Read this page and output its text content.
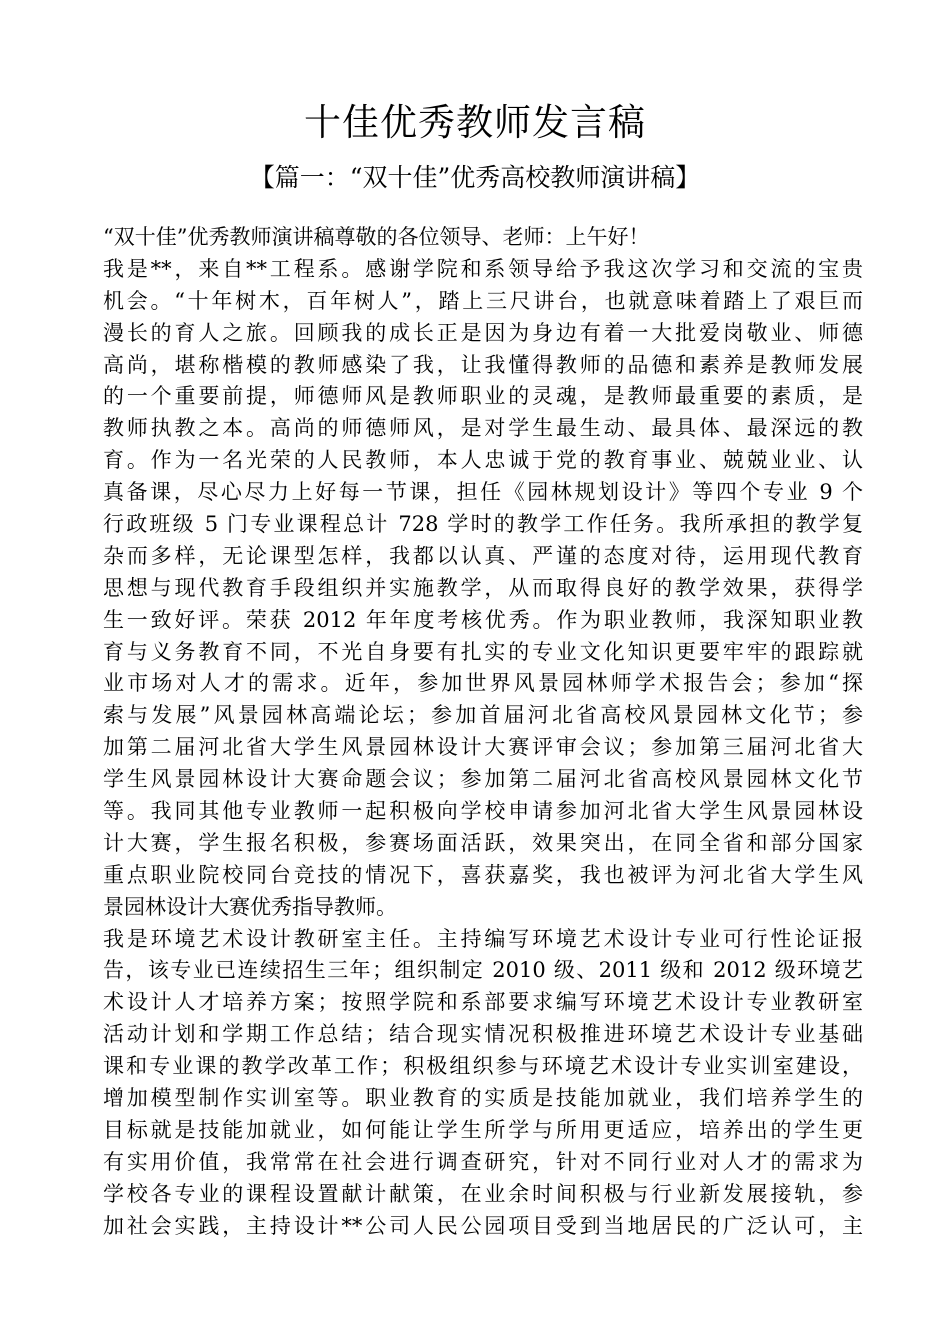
十佳优秀教师发言稿
【篇一：“双十佳”优秀高校教师演讲稿】
“双十佳”优秀教师演讲稿尊敬的各位领导、老师：上午好！
我是**，来自**工程系。感谢学院和系领导给予我这次学习和交流的宝贵
机会。“十年树木，百年树人”，踏上三尺讲台，也就意味着踏上了艰巨而
漫长的育人之旅。回顾我的成长正是因为身边有着一大批爱岗敬业、师德
高尚，堪称楷模的教师感染了我，让我懂得教师的品德和素养是教师发展
的一个重要前提，师德师风是教师职业的灵魂，是教师最重要的素质，是
教师执教之本。高尚的师德师风，是对学生最生动、最具体、最深远的教
育。作为一名光荣的人民教师，本人忠诚于党的教育事业、兢兢业业、认
真备课，尽心尽力上好每一节课，担任《园林规划设计》等四个专业 9 个
行政班级 5 门专业课程总计 728 学时的教学工作任务。我所承担的教学复
杂而多样，无论课型怎样，我都以认真、严谨的态度对待，运用现代教育
思想与现代教育手段组织并实施教学，从而取得良好的教学效果，获得学
生一致好评。荣获 2012 年年度考核优秀。作为职业教师，我深知职业教
育与义务教育不同，不光自身要有扎实的专业文化知识更要牢牢的跟踪就
业市场对人才的需求。近年，参加世界风景园林师学术报告会；参加“探
索与发展”风景园林高端论坛；参加首届河北省高校风景园林文化节；参
加第二届河北省大学生风景园林设计大赛评审会议；参加第三届河北省大
学生风景园林设计大赛命题会议；参加第二届河北省高校风景园林文化节
等。我同其他专业教师一起积极向学校申请参加河北省大学生风景园林设
计大赛，学生报名积极，参赛场面活跃，效果突出，在同全省和部分国家
重点职业院校同台竞技的情况下，喜获嘉奖，我也被评为河北省大学生风
景园林设计大赛优秀指导教师。
我是环境艺术设计教研室主任。主持编写环境艺术设计专业可行性论证报
告，该专业已连续招生三年；组织制定 2010 级、2011 级和 2012 级环境艺
术设计人才培养方案；按照学院和系部要求编写环境艺术设计专业教研室
活动计划和学期工作总结；结合现实情况积极推进环境艺术设计专业基础
课和专业课的教学改革工作；积极组织参与环境艺术设计专业实训室建设，
增加模型制作实训室等。职业教育的实质是技能加就业，我们培养学生的
目标就是技能加就业，如何能让学生所学与所用更适应，培养出的学生更
有实用价值，我常常在社会进行调查研究，针对不同行业对人才的需求为
学校各专业的课程设置献计献策，在业余时间积极与行业新发展接轨，参
加社会实践，主持设计**公司人民公园项目受到当地居民的广泛认可，主
